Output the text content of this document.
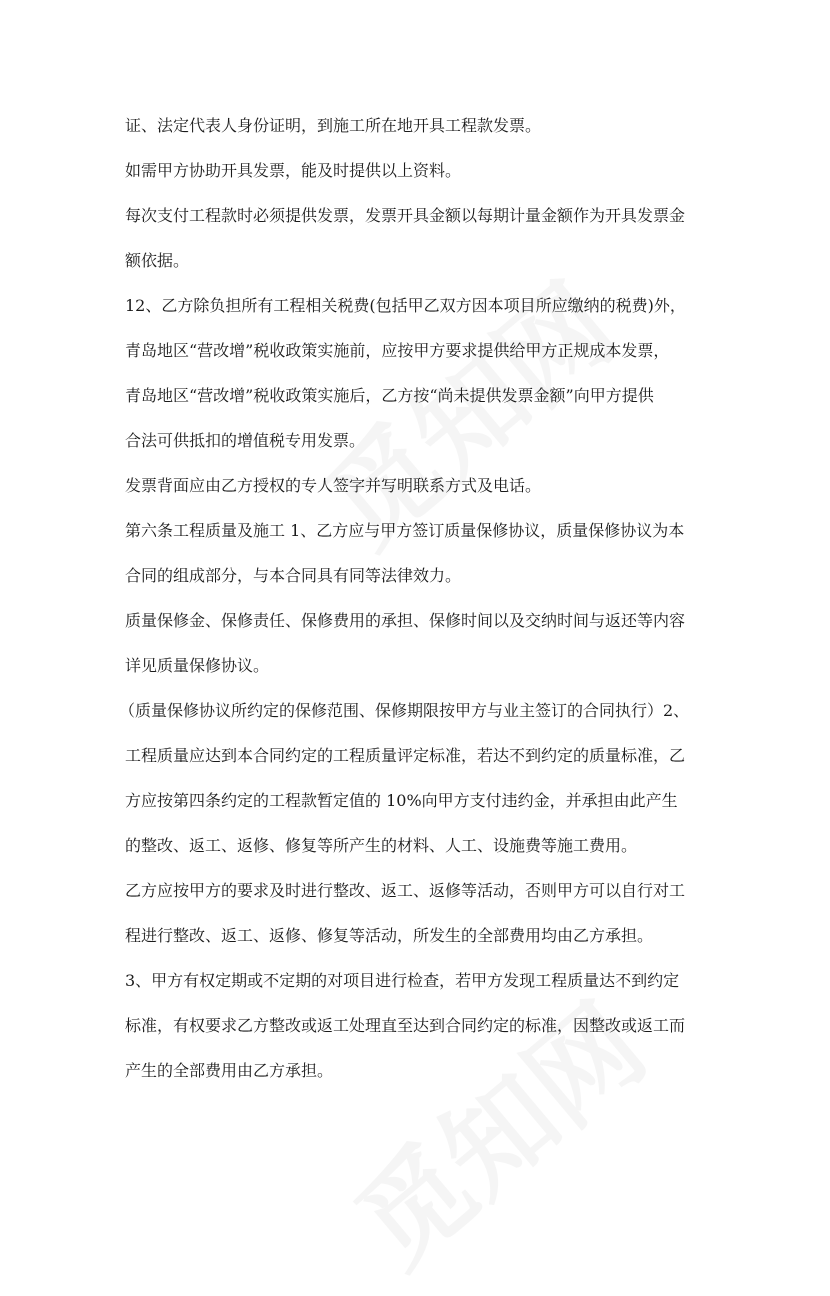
证、法定代表人身份证明，到施工所在地开具工程款发票。
如需甲方协助开具发票，能及时提供以上资料。
每次支付工程款时必须提供发票，发票开具金额以每期计量金额作为开具发票金
额依据。
12、乙方除负担所有工程相关税费(包括甲乙双方因本项目所应缴纳的税费)外，
青岛地区“营改增”税收政策实施前，应按甲方要求提供给甲方正规成本发票，
青岛地区“营改增”税收政策实施后，乙方按“尚未提供发票金额”向甲方提供
合法可供抵扣的增值税专用发票。
发票背面应由乙方授权的专人签字并写明联系方式及电话。
第六条工程质量及施工 1、乙方应与甲方签订质量保修协议，质量保修协议为本
合同的组成部分，与本合同具有同等法律效力。
质量保修金、保修责任、保修费用的承担、保修时间以及交纳时间与返还等内容
详见质量保修协议。
（质量保修协议所约定的保修范围、保修期限按甲方与业主签订的合同执行）2、
工程质量应达到本合同约定的工程质量评定标准，若达不到约定的质量标准，乙
方应按第四条约定的工程款暂定值的 10%向甲方支付违约金，并承担由此产生
的整改、返工、返修、修复等所产生的材料、人工、设施费等施工费用。
乙方应按甲方的要求及时进行整改、返工、返修等活动，否则甲方可以自行对工
程进行整改、返工、返修、修复等活动，所发生的全部费用均由乙方承担。
3、甲方有权定期或不定期的对项目进行检查，若甲方发现工程质量达不到约定
标准，有权要求乙方整改或返工处理直至达到合同约定的标准，因整改或返工而
产生的全部费用由乙方承担。
